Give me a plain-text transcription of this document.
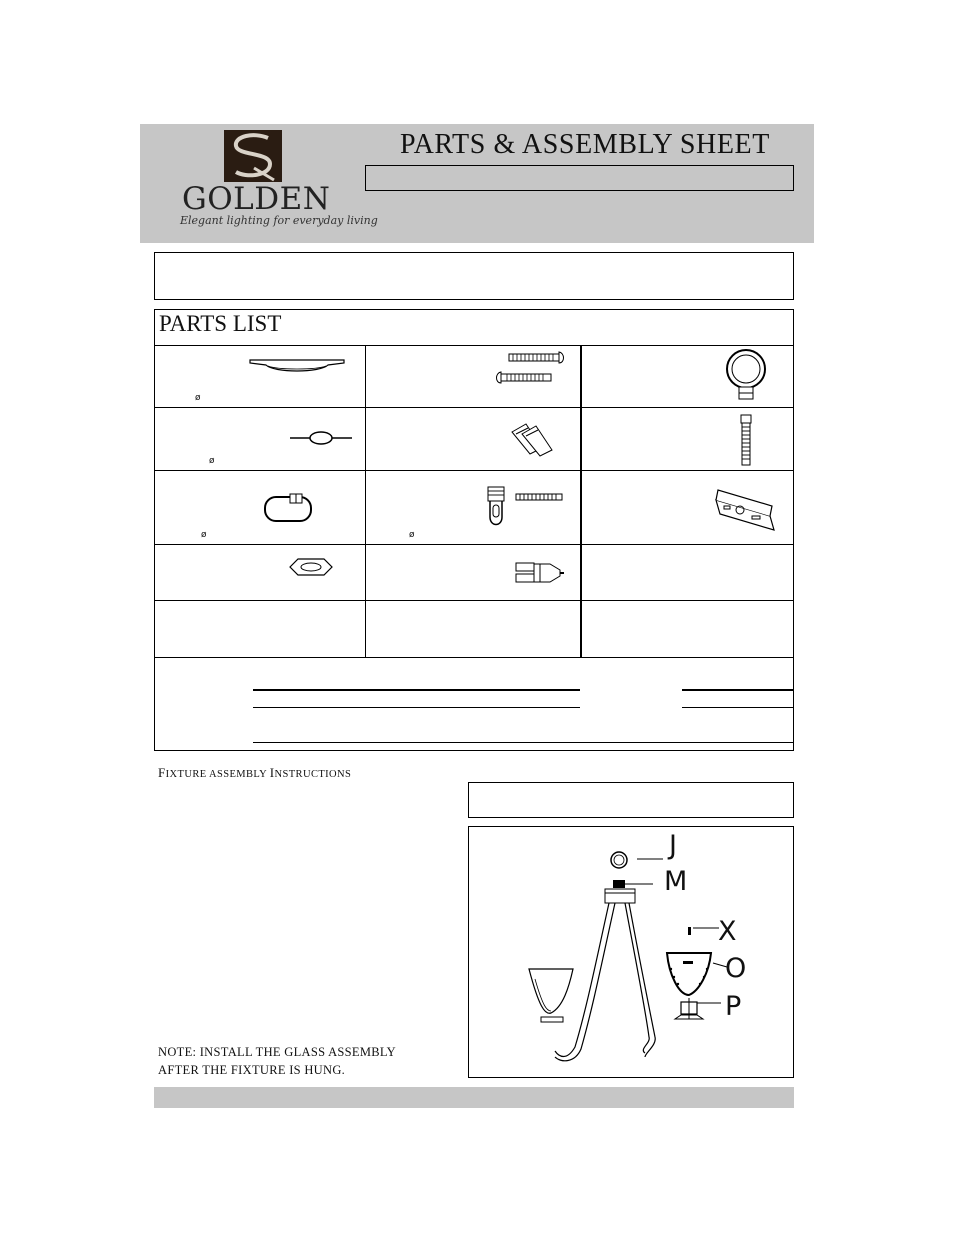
GOLDEN
Elegant lighting for everyday living
PARTS & ASSEMBLY SHEET
PARTS LIST
ø
ø
ø	ø
FIXTURE ASSEMBLY INSTRUCTIONS
J
M
X
O
P
NOTE: INSTALL THE GLASS ASSEMBLY
AFTER THE FIXTURE IS HUNG.
